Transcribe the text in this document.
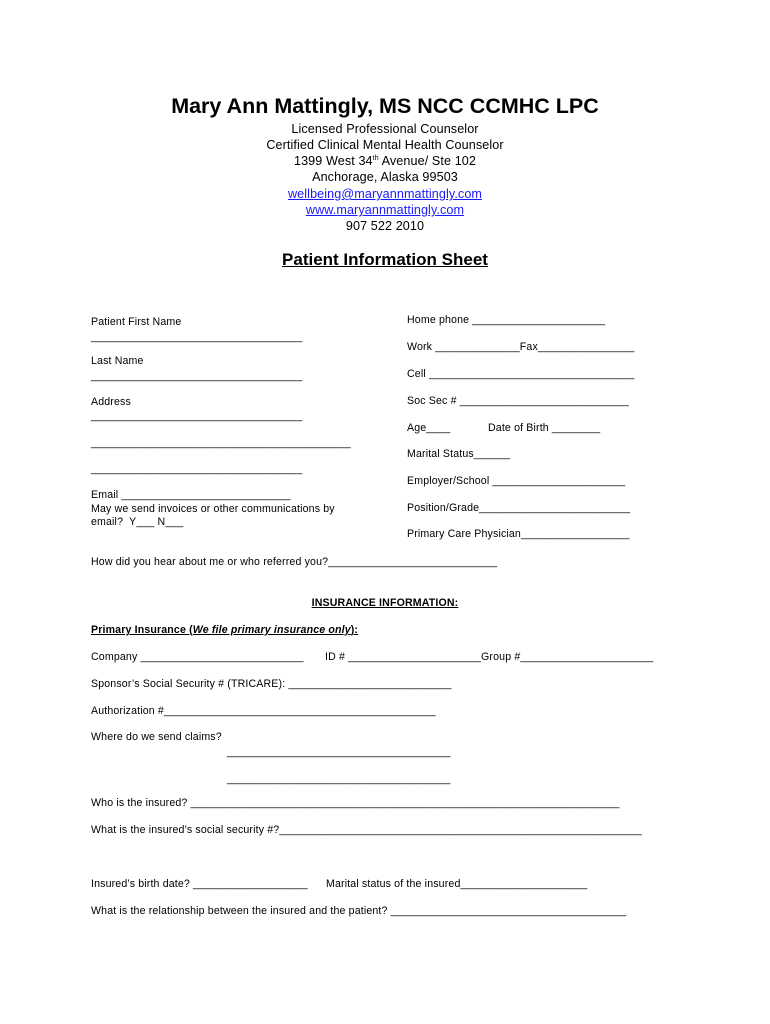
Mary Ann Mattingly, MS NCC CCMHC LPC
Licensed Professional Counselor
Certified Clinical Mental Health Counselor
1399 West 34th Avenue/ Ste 102
Anchorage, Alaska 99503
wellbeing@maryannmattingly.com
www.maryannmattingly.com
907 522 2010
Patient Information Sheet
Patient First Name
___________________________________
Last Name
___________________________________
Address
___________________________________
___________________________________________
___________________________________
Email ____________________________
May we send invoices or other communications by
email?  Y___ N___
Home phone ______________________
Work ______________Fax________________
Cell __________________________________
Soc Sec # ____________________________
Age____	Date of Birth ________
Marital Status______
Employer/School ______________________
Position/Grade_________________________
Primary Care Physician__________________
How did you hear about me or who referred you?____________________________
INSURANCE INFORMATION:
Primary Insurance (We file primary insurance only):
Company ___________________________ ID # ______________________Group #______________________
Sponsor’s Social Security # (TRICARE): ___________________________
Authorization #_____________________________________________
Where do we send claims?
_____________________________________
_____________________________________
Who is the insured? _______________________________________________________________________
What is the insured’s social security #?____________________________________________________________
Insured’s birth date? ___________________ Marital status of the insured_____________________
What is the relationship between the insured and the patient? _______________________________________
